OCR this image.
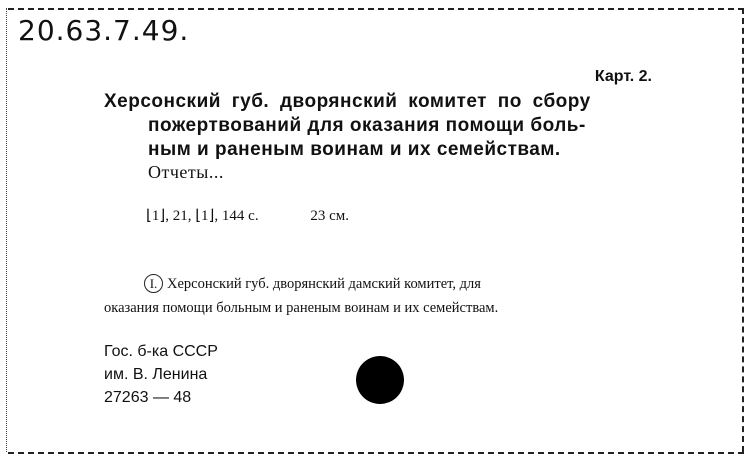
20.63.7.49.
Карт. 2.
Херсонский губ. дворянский комитет по сбору
пожертвований для оказания помощи боль-
ным и раненым воинам и их семействам.
Отчеты...
⌊1⌋, 21, ⌊1⌋, 144 с.	23 см.
I. Херсонский губ. дворянский дамский комитет, для
оказания помощи больным и раненым воинам и их семействам.
Гос. б-ка СССР
им. В. Ленина
27263 — 48
